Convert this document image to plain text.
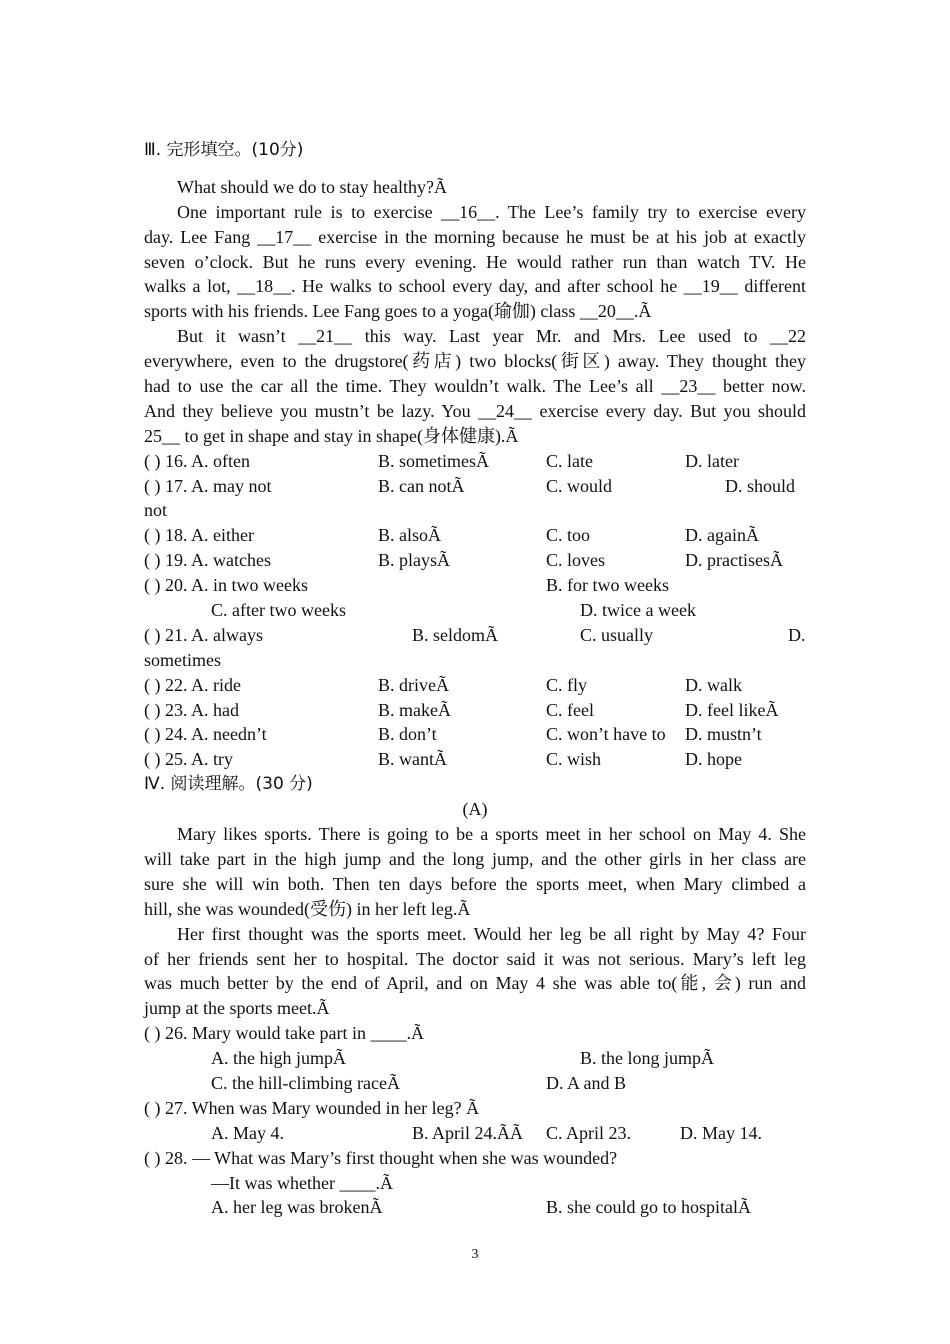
Ⅲ. 完形填空。(10分)
What should we do to stay healthy?Ã
One important rule is to exercise __16__. The Lee’s family try to exercise every
day. Lee Fang __17__ exercise in the morning because he must be at his job at exactly
seven o’clock. But he runs every evening. He would rather run than watch TV. He
walks a lot, __18__. He walks to school every day, and after school he __19__ different
sports with his friends. Lee Fang goes to a yoga(瑜伽) class __20__.Ã
But it wasn’t __21__ this way. Last year Mr. and Mrs. Lee used to __22
everywhere, even to the drugstore(药店) two blocks(街区) away. They thought they
had to use the car all the time. They wouldn’t walk. The Lee’s all __23__ better now.
And they believe you mustn’t be lazy. You __24__ exercise every day. But you should
25__ to get in shape and stay in shape(身体健康).Ã
( ) 16. A. often	B. sometimesÃ	C. late	D. later
( ) 17. A. may not	B. can notÃ	C. would	D. should
not
( ) 18. A. either	B. alsoÃ	C. too	D. againÃ
( ) 19. A. watches	B. playsÃ	C. loves	D. practisesÃ
( ) 20. A. in two weeks	B. for two weeks
C. after two weeks	D. twice a week
( ) 21. A. always	B. seldomÃ	C. usually	D.
sometimes
( ) 22. A. ride	B. driveÃ	C. fly	D. walk
( ) 23. A. had	B. makeÃ	C. feel	D. feel likeÃ
( ) 24. A. needn’t	B. don’t	C. won’t have to D. mustn’t
( ) 25. A. try	B. wantÃ	C. wish	D. hope
Ⅳ. 阅读理解。(30 分)
(A)
Mary likes sports. There is going to be a sports meet in her school on May 4. She
will take part in the high jump and the long jump, and the other girls in her class are
sure she will win both. Then ten days before the sports meet, when Mary climbed a
hill, she was wounded(受伤) in her left leg.Ã
Her first thought was the sports meet. Would her leg be all right by May 4? Four
of her friends sent her to hospital. The doctor said it was not serious. Mary’s left leg
was much better by the end of April, and on May 4 she was able to(能, 会) run and
jump at the sports meet.Ã
( ) 26. Mary would take part in ____.Ã
A. the high jumpÃ	B. the long jumpÃ
C. the hill-climbing raceÃ	D. A and B
( ) 27. When was Mary wounded in her leg? Ã
A. May 4.	B. April 24.ÃÃ C. April 23.	D. May 14.
( ) 28. — What was Mary’s first thought when she was wounded?
—It was whether ____.Ã
A. her leg was brokenÃ	B. she could go to hospitalÃ
3
